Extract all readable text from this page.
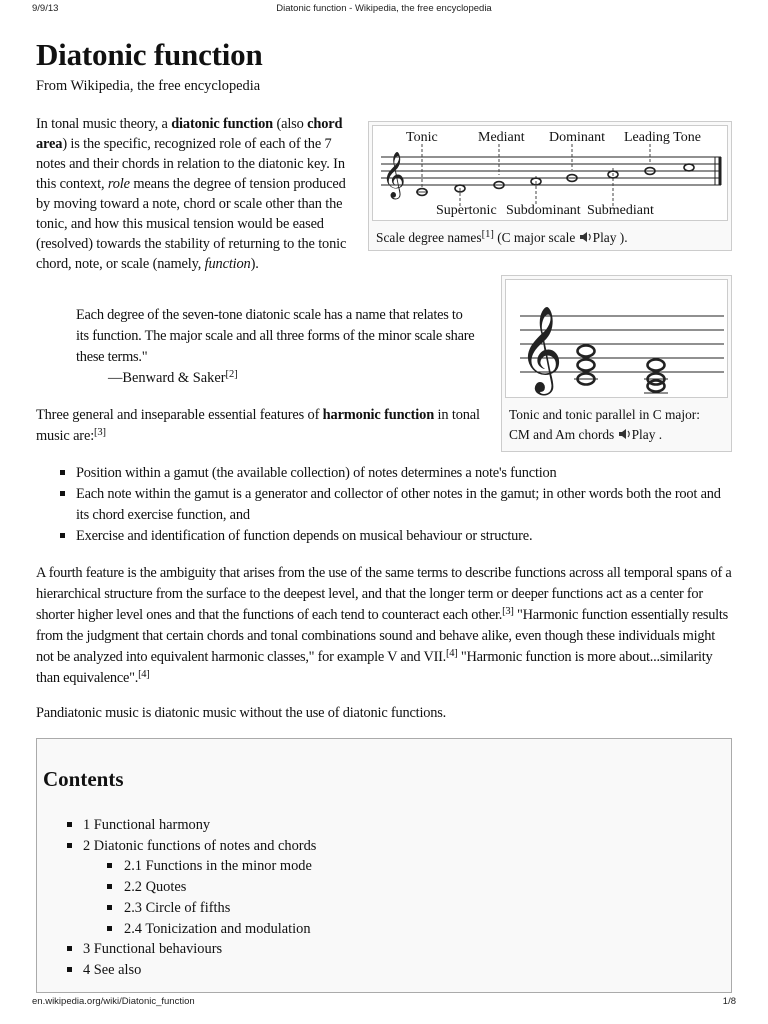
9/9/13	Diatonic function - Wikipedia, the free encyclopedia
Diatonic function
From Wikipedia, the free encyclopedia

In tonal music theory, a diatonic function (also chord area) is the specific, recognized role of each of the 7 notes and their chords in relation to the diatonic key. In this context, role means the degree of tension produced by moving toward a note, chord or scale other than the tonic, and how this musical tension would be eased (resolved) towards the stability of returning to the tonic chord, note, or scale (namely, function).

𝄞
Tonic	Mediant Dominant Leading Tone
Supertonic Subdominant Submediant
Scale degree names[1] (C major scale Play ).
𝄞
Tonic and tonic parallel in C major: CM and Am chords Play .

Each degree of the seven-tone diatonic scale has a name that relates to its function. The major scale and all three forms of the minor scale share these terms."

—Benward & Saker[2]

Three general and inseparable essential features of harmonic function in tonal music are:[3]

Position within a gamut (the available collection) of notes determines a note's function
Each note within the gamut is a generator and collector of other notes in the gamut; in other words both the root and its chord exercise function, and
Exercise and identification of function depends on musical behaviour or structure.

A fourth feature is the ambiguity that arises from the use of the same terms to describe functions across all temporal spans of a hierarchical structure from the surface to the deepest level, and that the longer term or deeper functions act as a center for shorter higher level ones and that the functions of each tend to counteract each other.[3] "Harmonic function essentially results from the judgment that certain chords and tonal combinations sound and behave alike, even though these individuals might not be analyzed into equivalent harmonic classes," for example V and VII.[4] "Harmonic function is more about...similarity than equivalence".[4]

Pandiatonic music is diatonic music without the use of diatonic functions.

Contents
1 Functional harmony
2 Diatonic functions of notes and chords
2.1 Functions in the minor mode
2.2 Quotes
2.3 Circle of fifths
2.4 Tonicization and modulation
3 Functional behaviours
4 See also
en.wikipedia.org/wiki/Diatonic_function	1/8
